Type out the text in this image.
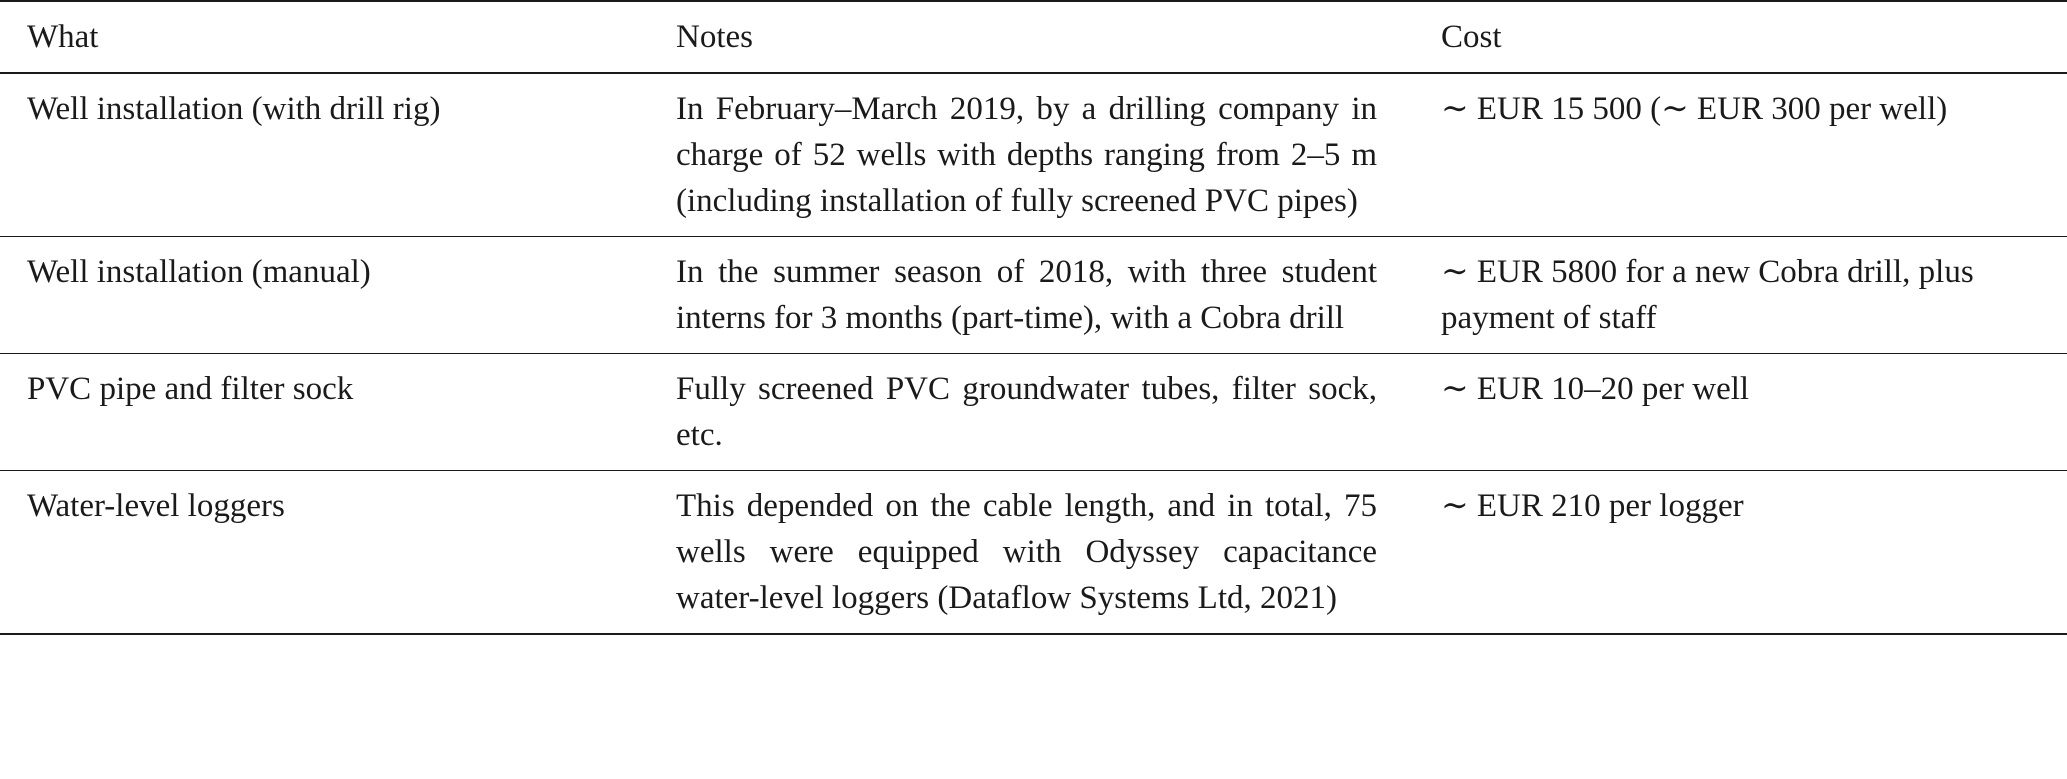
What	Notes	Cost
Well installation (with drill rig)	In February–March 2019, by a drilling company in charge of 52 wells with depths ranging from 2–5 m (including installation of fully screened PVC pipes)	∼ EUR 15 500 (∼ EUR 300 per well)
Well installation (manual)	In the summer season of 2018, with three student interns for 3 months (part-time), with a Cobra drill	∼ EUR 5800 for a new Cobra drill, plus payment of staff
PVC pipe and filter sock	Fully screened PVC groundwater tubes, filter sock, etc.	∼ EUR 10–20 per well
Water-level loggers	This depended on the cable length, and in total, 75 wells were equipped with Odyssey capacitance water-level loggers (Dataflow Systems Ltd, 2021)	∼ EUR 210 per logger
